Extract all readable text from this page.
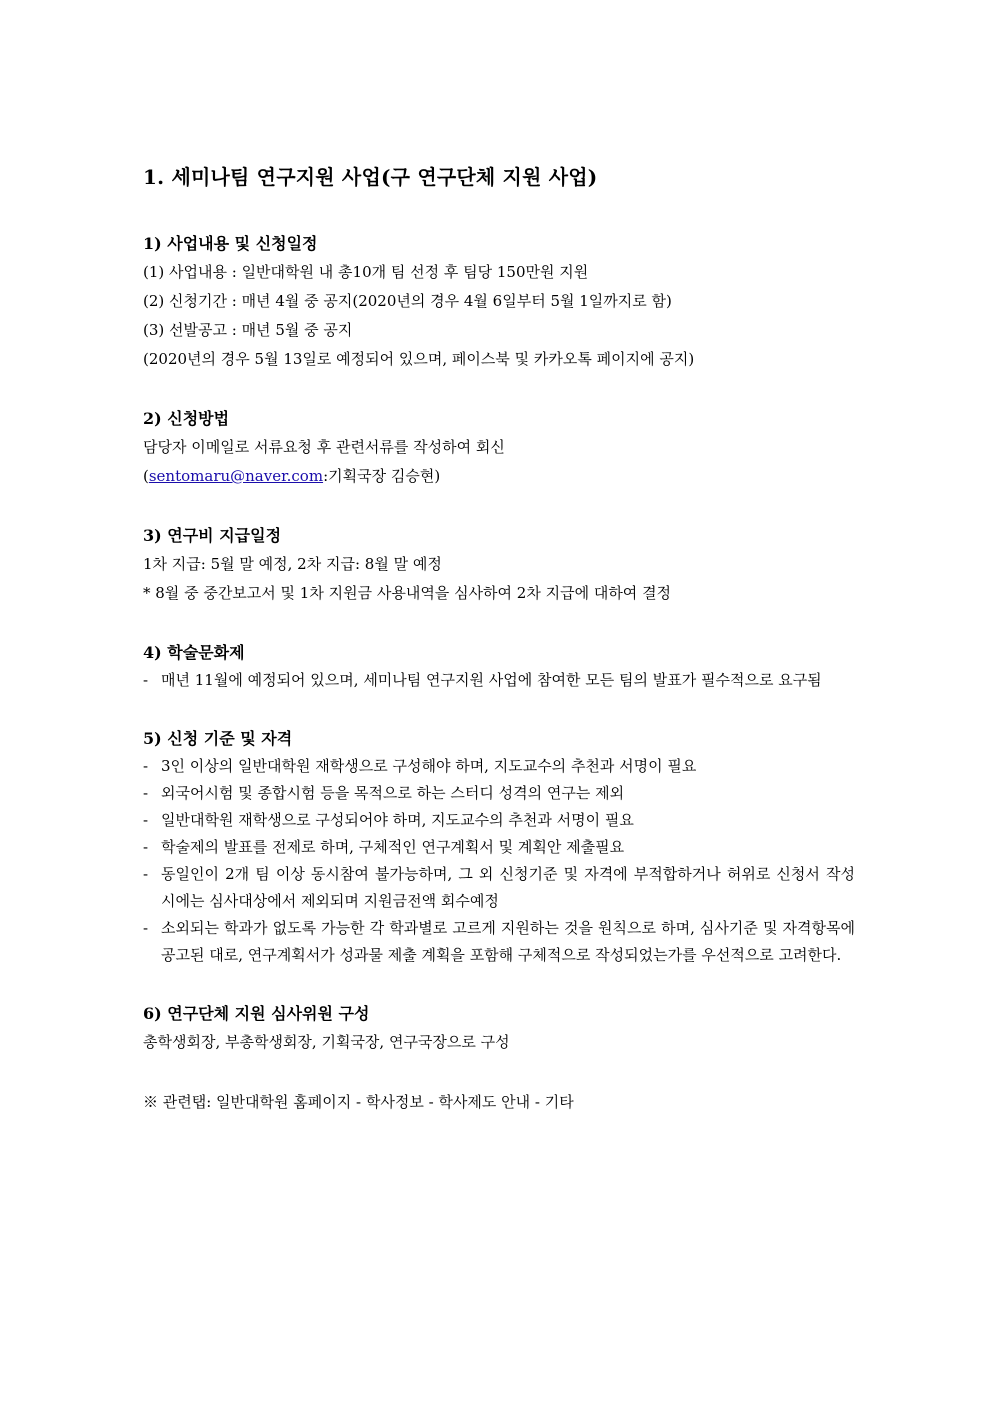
1. 세미나팀 연구지원 사업(구 연구단체 지원 사업)
1) 사업내용 및 신청일정
(1) 사업내용 : 일반대학원 내 총10개 팀 선정 후 팀당 150만원 지원
(2) 신청기간 : 매년 4월 중 공지(2020년의 경우 4월 6일부터 5월 1일까지로 함)
(3) 선발공고 : 매년 5월 중 공지
(2020년의 경우 5월 13일로 예정되어 있으며, 페이스북 및 카카오톡 페이지에 공지)
2) 신청방법
담당자 이메일로 서류요청 후 관련서류를 작성하여 회신
(sentomaru@naver.com:기획국장 김승현)
3) 연구비 지급일정
1차 지급: 5월 말 예정, 2차 지급: 8월 말 예정
* 8월 중 중간보고서 및 1차 지원금 사용내역을 심사하여 2차 지급에 대하여 결정
4) 학술문화제
- 매년 11월에 예정되어 있으며, 세미나팀 연구지원 사업에 참여한 모든 팀의 발표가 필수적으로 요구됨
5) 신청 기준 및 자격
- 3인 이상의 일반대학원 재학생으로 구성해야 하며, 지도교수의 추천과 서명이 필요
- 외국어시험 및 종합시험 등을 목적으로 하는 스터디 성격의 연구는 제외
- 일반대학원 재학생으로 구성되어야 하며, 지도교수의 추천과 서명이 필요
- 학술제의 발표를 전제로 하며, 구체적인 연구계획서 및 계획안 제출필요
- 동일인이 2개 팀 이상 동시참여 불가능하며, 그 외 신청기준 및 자격에 부적합하거나 허위로 신청서 작성 시에는 심사대상에서 제외되며 지원금전액 회수예정
- 소외되는 학과가 없도록 가능한 각 학과별로 고르게 지원하는 것을 원칙으로 하며, 심사기준 및 자격항목에 공고된 대로, 연구계획서가 성과물 제출 계획을 포함해 구체적으로 작성되었는가를 우선적으로 고려한다.
6) 연구단체 지원 심사위원 구성
총학생회장, 부총학생회장, 기획국장, 연구국장으로 구성
※ 관련탭: 일반대학원 홈페이지 - 학사정보 - 학사제도 안내 - 기타
